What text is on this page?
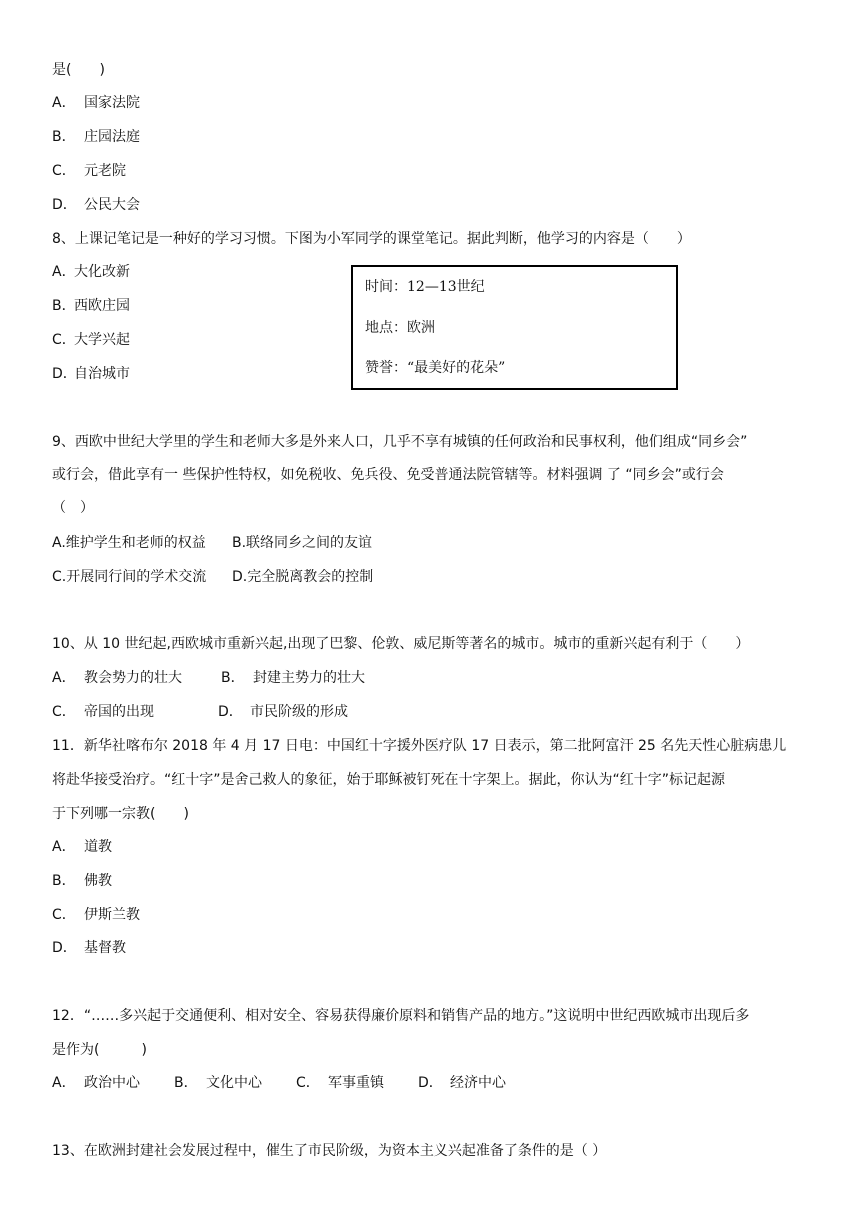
是(　　)
A． 国家法院
B． 庄园法庭
C． 元老院
D． 公民大会
8、上课记笔记是一种好的学习习惯。下图为小军同学的课堂笔记。据此判断，他学习的内容是（　　）
A．大化改新
B．西欧庄园
C．大学兴起
D．自治城市
时间：12—13世纪
地点：欧洲
赞誉：“最美好的花朵”
9、西欧中世纪大学里的学生和老师大多是外来人口，几乎不享有城镇的任何政治和民事权利，他们组成“同乡会”
或行会，借此享有一 些保护性特权，如免税收、免兵役、免受普通法院管辖等。材料强调 了 “同乡会”或行会
（　）
A.维护学生和老师的权益 B.联络同乡之间的友谊
C.开展同行间的学术交流 D.完全脱离教会的控制
10、从 10 世纪起,西欧城市重新兴起,出现了巴黎、伦敦、威尼斯等著名的城市。城市的重新兴起有利于（　　）
A． 教会势力的壮大	B． 封建主势力的壮大
C． 帝国的出现	D． 市民阶级的形成
11．新华社喀布尔 2018 年 4 月 17 日电：中国红十字援外医疗队 17 日表示，第二批阿富汗 25 名先天性心脏病患儿
将赴华接受治疗。“红十字”是舍己救人的象征，始于耶稣被钉死在十字架上。据此，你认为“红十字”标记起源
于下列哪一宗教(　　)
A． 道教
B． 佛教
C． 伊斯兰教
D． 基督教
12．“……多兴起于交通便利、相对安全、容易获得廉价原料和销售产品的地方。”这说明中世纪西欧城市出现后多
是作为(　　　)
A． 政治中心 B． 文化中心 C． 军事重镇 D． 经济中心
13、在欧洲封建社会发展过程中，催生了市民阶级，为资本主义兴起准备了条件的是（ ）
